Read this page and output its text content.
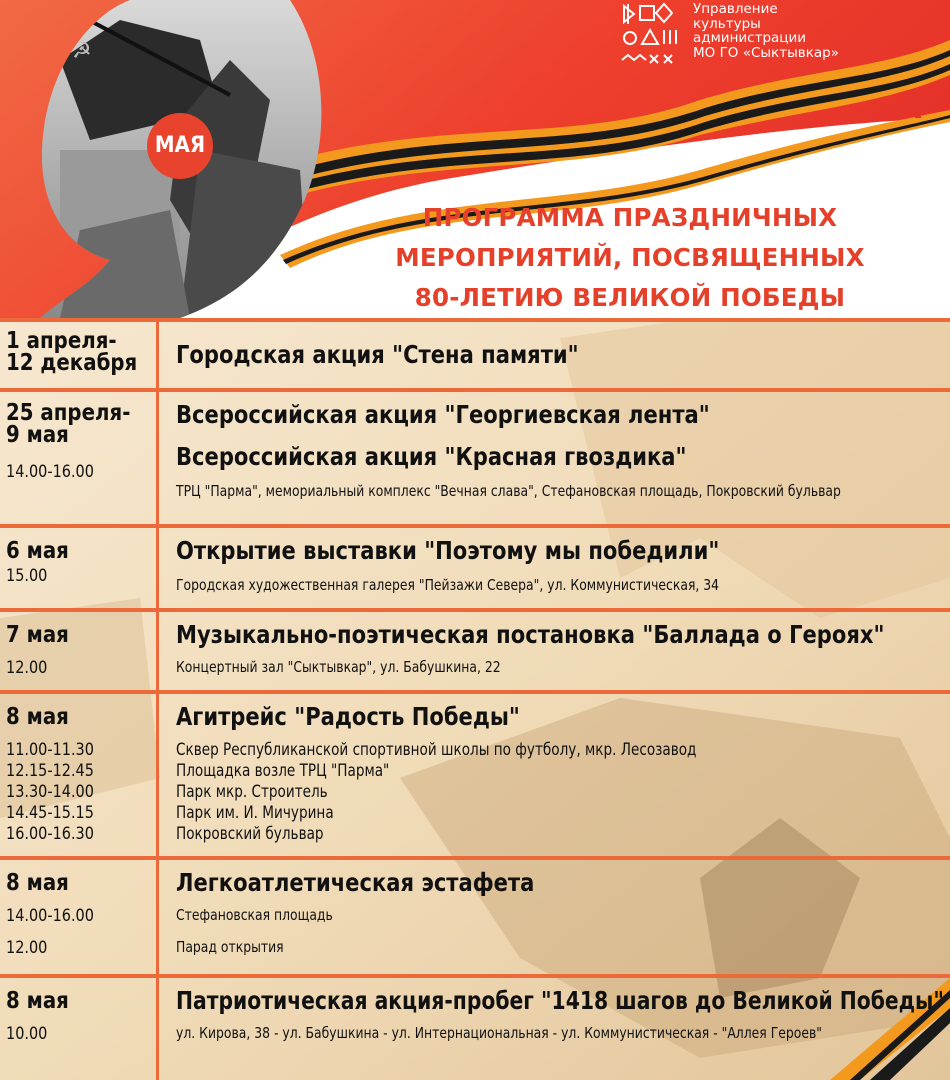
☭
МАЯ
Управление
культуры
администрации
МО ГО «Сыктывкар»
ПРОГРАММА ПРАЗДНИЧНЫХ
МЕРОПРИЯТИЙ, ПОСВЯЩЕННЫХ
80-ЛЕТИЮ ВЕЛИКОЙ ПОБЕДЫ
1 апреля-
12 декабря Городская акция "Стена памяти"
25 апреля-
9 мая
14.00-16.00
Всероссийская акция "Георгиевская лента"
Всероссийская акция "Красная гвоздика"
ТРЦ "Парма", мемориальный комплекс "Вечная слава", Стефановская площадь, Покровский бульвар
6 мая
15.00
Открытие выставки "Поэтому мы победили"
Городская художественная галерея "Пейзажи Севера", ул. Коммунистическая, 34
7 мая
12.00
Музыкально-поэтическая постановка "Баллада о Героях"
Концертный зал "Сыктывкар", ул. Бабушкина, 22
8 мая
11.00-11.30
12.15-12.45
13.30-14.00
14.45-15.15
16.00-16.30
Агитрейс "Радость Победы"
Сквер Республиканской спортивной школы по футболу, мкр. Лесозавод
Площадка возле ТРЦ "Парма"
Парк мкр. Строитель
Парк им. И. Мичурина
Покровский бульвар
8 мая
14.00-16.00
12.00
Легкоатлетическая эстафета
Стефановская площадь
Парад открытия
8 мая
10.00
Патриотическая акция-пробег "1418 шагов до Великой Победы"
ул. Кирова, 38 - ул. Бабушкина - ул. Интернациональная - ул. Коммунистическая - "Аллея Героев"
